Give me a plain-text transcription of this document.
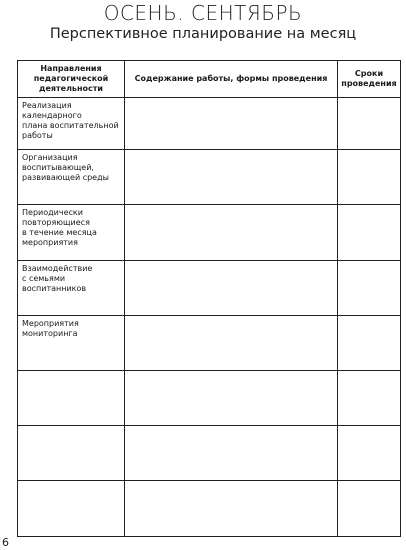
ОСЕНЬ. СЕНТЯБРЬ
Перспективное планирование на месяц
Направления педагогической деятельности	Содержание работы, формы проведения	Сроки проведения

Реализация
календарного
плана воспитательной
работы		

Организация
воспитывающей,
развивающей среды		

Периодически
повторяющиеся
в течение месяца
мероприятия		

Взаимодействие
с семьями
воспитанников		

Мероприятия
мониторинга		

6
